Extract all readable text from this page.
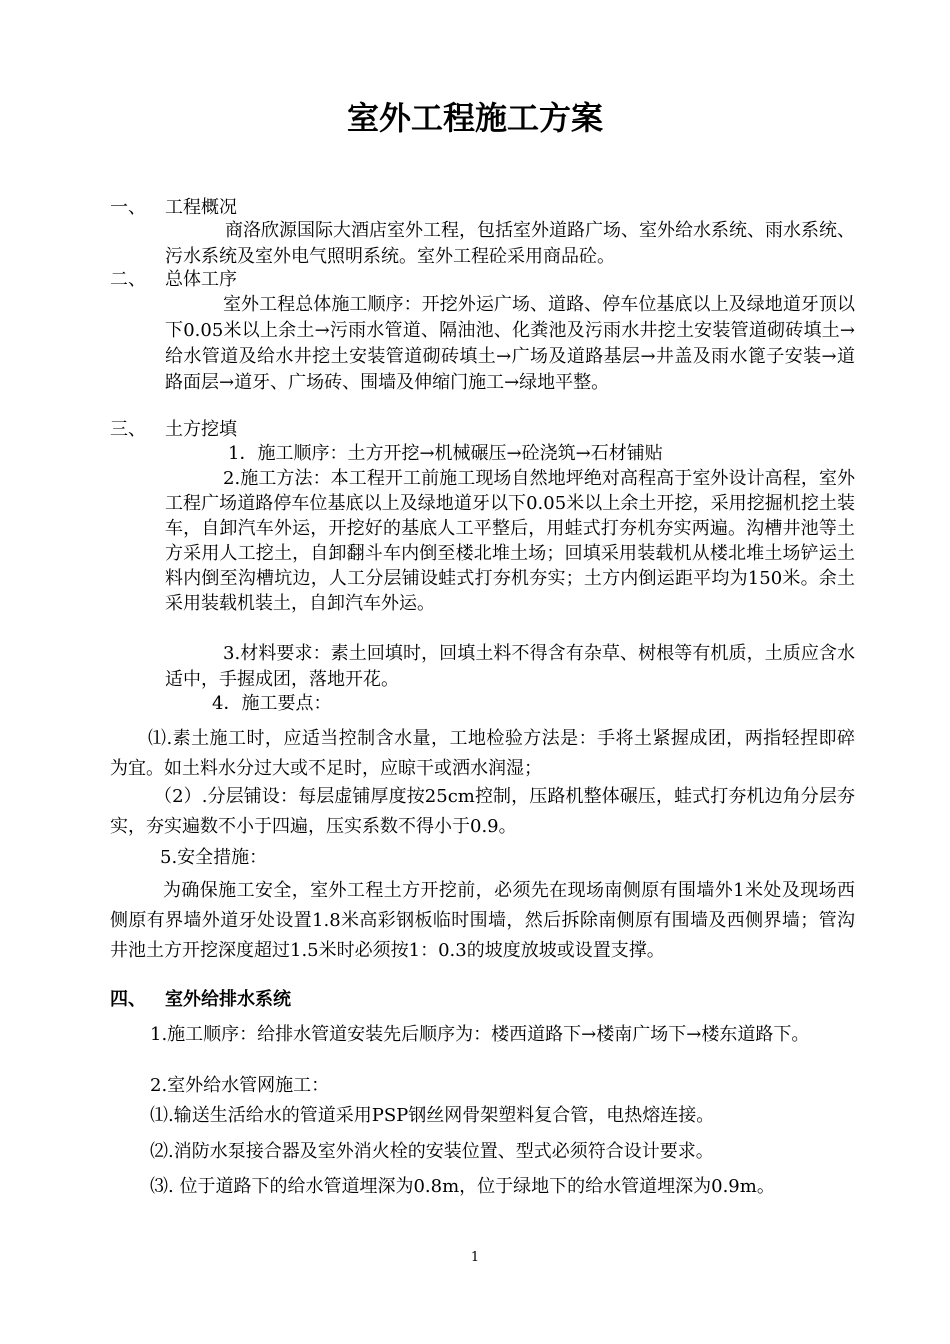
室外工程施工方案
一、 工程概况
商洛欣源国际大酒店室外工程，包括室外道路广场、室外给水系统、雨水系统、污水系统及室外电气照明系统。室外工程砼采用商品砼。
二、 总体工序
室外工程总体施工顺序：开挖外运广场、道路、停车位基底以上及绿地道牙顶以下0.05米以上余土→污雨水管道、隔油池、化粪池及污雨水井挖土安装管道砌砖填土→给水管道及给水井挖土安装管道砌砖填土→广场及道路基层→井盖及雨水篦子安装→道路面层→道牙、广场砖、围墙及伸缩门施工→绿地平整。
三、 土方挖填
1．施工顺序：土方开挖→机械碾压→砼浇筑→石材铺贴
2.施工方法：本工程开工前施工现场自然地坪绝对高程高于室外设计高程，室外工程广场道路停车位基底以上及绿地道牙以下0.05米以上余土开挖，采用挖掘机挖土装车，自卸汽车外运，开挖好的基底人工平整后，用蛙式打夯机夯实两遍。沟槽井池等土方采用人工挖土，自卸翻斗车内倒至楼北堆土场；回填采用装载机从楼北堆土场铲运土料内倒至沟槽坑边，人工分层铺设蛙式打夯机夯实；土方内倒运距平均为150米。余土采用装载机装土，自卸汽车外运。
3.材料要求：素土回填时，回填土料不得含有杂草、树根等有机质，土质应含水适中，手握成团，落地开花。
4．施工要点：
⑴.素土施工时，应适当控制含水量，工地检验方法是：手将土紧握成团，两指轻捏即碎为宜。如土料水分过大或不足时，应晾干或洒水润湿；
（2）.分层铺设：每层虚铺厚度按25cm控制，压路机整体碾压，蛙式打夯机边角分层夯实，夯实遍数不小于四遍，压实系数不得小于0.9。
5.安全措施：
为确保施工安全，室外工程土方开挖前，必须先在现场南侧原有围墙外1米处及现场西侧原有界墙外道牙处设置1.8米高彩钢板临时围墙，然后拆除南侧原有围墙及西侧界墙；管沟井池土方开挖深度超过1.5米时必须按1：0.3的坡度放坡或设置支撑。
四、 室外给排水系统
1.施工顺序：给排水管道安装先后顺序为：楼西道路下→楼南广场下→楼东道路下。
2.室外给水管网施工：
⑴.输送生活给水的管道采用PSP钢丝网骨架塑料复合管，电热熔连接。
⑵.消防水泵接合器及室外消火栓的安装位置、型式必须符合设计要求。
⑶. 位于道路下的给水管道埋深为0.8m，位于绿地下的给水管道埋深为0.9m。
1
